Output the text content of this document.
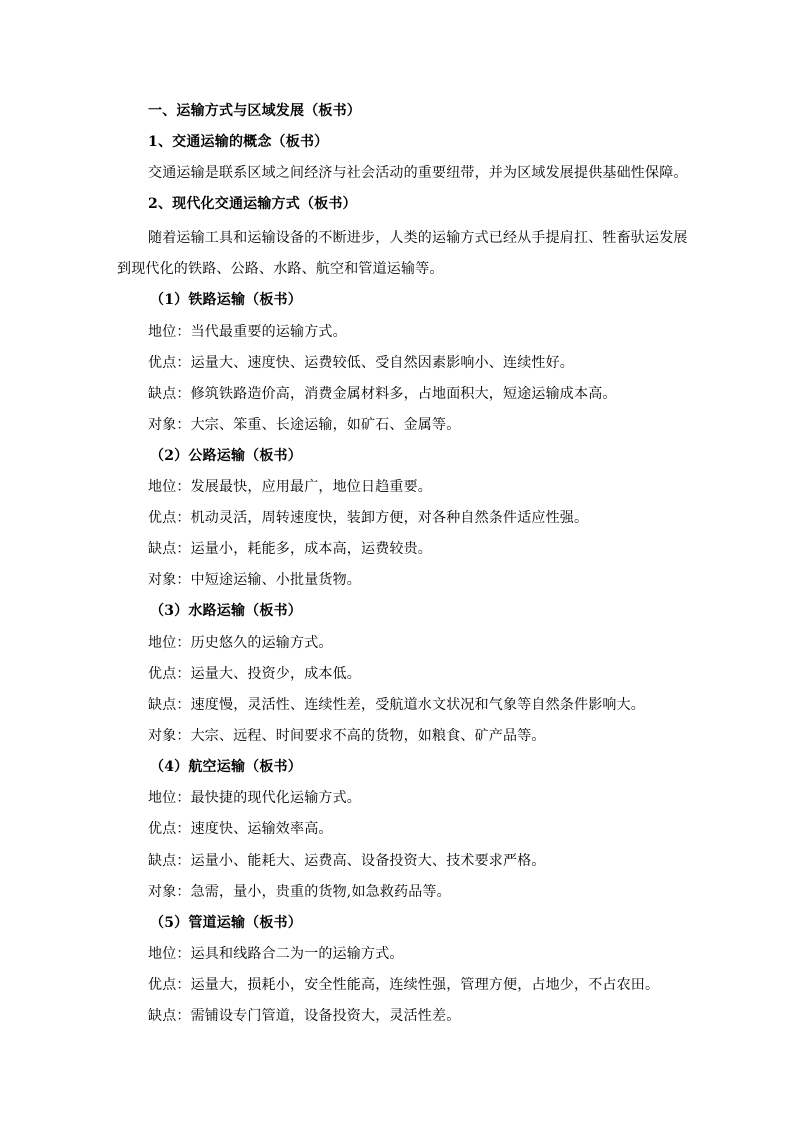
一、运输方式与区域发展（板书）
1、交通运输的概念（板书）
交通运输是联系区域之间经济与社会活动的重要纽带，并为区域发展提供基础性保障。
2、现代化交通运输方式（板书）
随着运输工具和运输设备的不断进步，人类的运输方式已经从手提肩扛、牲畜驮运发展
到现代化的铁路、公路、水路、航空和管道运输等。
（1）铁路运输（板书）
地位：当代最重要的运输方式。
优点：运量大、速度快、运费较低、受自然因素影响小、连续性好。
缺点：修筑铁路造价高，消费金属材料多，占地面积大，短途运输成本高。
对象：大宗、笨重、长途运输，如矿石、金属等。
（2）公路运输（板书）
地位：发展最快，应用最广，地位日趋重要。
优点：机动灵活，周转速度快，装卸方便，对各种自然条件适应性强。
缺点：运量小，耗能多，成本高，运费较贵。
对象：中短途运输、小批量货物。
（3）水路运输（板书）
地位：历史悠久的运输方式。
优点：运量大、投资少，成本低。
缺点：速度慢，灵活性、连续性差，受航道水文状况和气象等自然条件影响大。
对象：大宗、远程、时间要求不高的货物，如粮食、矿产品等。
（4）航空运输（板书）
地位：最快捷的现代化运输方式。
优点：速度快、运输效率高。
缺点：运量小、能耗大、运费高、设备投资大、技术要求严格。
对象：急需，量小，贵重的货物,如急救药品等。
（5）管道运输（板书）
地位：运具和线路合二为一的运输方式。
优点：运量大，损耗小，安全性能高，连续性强，管理方便，占地少，不占农田。
缺点：需铺设专门管道，设备投资大，灵活性差。
